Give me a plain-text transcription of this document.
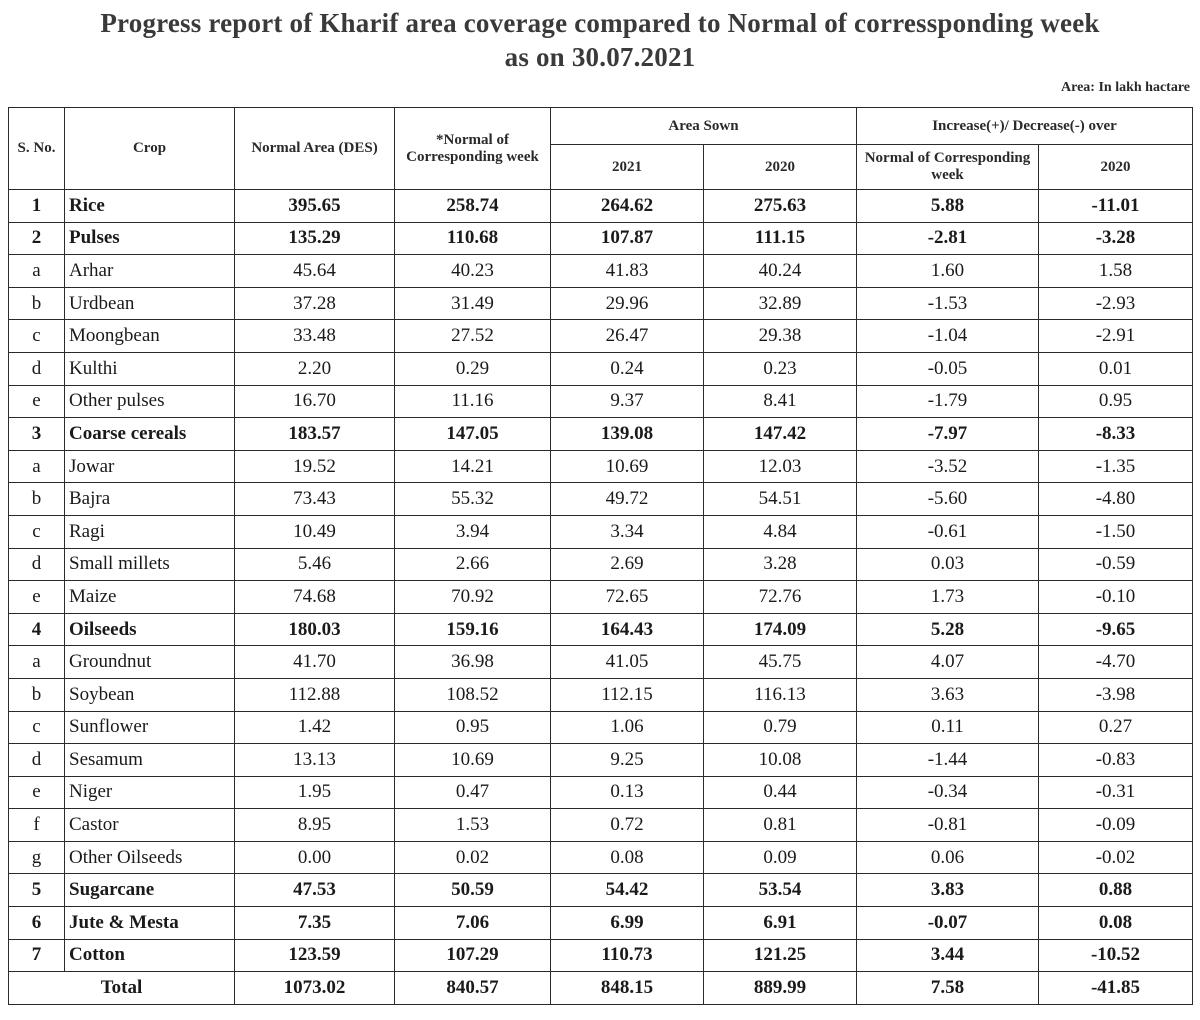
Progress report of Kharif area coverage compared to Normal of corressponding week
as on 30.07.2021
Area: In lakh hactare
S. No.	Crop	Normal Area (DES)	*Normal of Corresponding week	Area Sown		Increase(+)/ Decrease(-) over	
				2021	2020	Normal of Corresponding week	2020
1	Rice	395.65	258.74	264.62	275.63	5.88	-11.01
2	Pulses	135.29	110.68	107.87	111.15	-2.81	-3.28
a	Arhar	45.64	40.23	41.83	40.24	1.60	1.58
b	Urdbean	37.28	31.49	29.96	32.89	-1.53	-2.93
c	Moongbean	33.48	27.52	26.47	29.38	-1.04	-2.91
d	Kulthi	2.20	0.29	0.24	0.23	-0.05	0.01
e	Other pulses	16.70	11.16	9.37	8.41	-1.79	0.95
3	Coarse cereals	183.57	147.05	139.08	147.42	-7.97	-8.33
a	Jowar	19.52	14.21	10.69	12.03	-3.52	-1.35
b	Bajra	73.43	55.32	49.72	54.51	-5.60	-4.80
c	Ragi	10.49	3.94	3.34	4.84	-0.61	-1.50
d	Small millets	5.46	2.66	2.69	3.28	0.03	-0.59
e	Maize	74.68	70.92	72.65	72.76	1.73	-0.10
4	Oilseeds	180.03	159.16	164.43	174.09	5.28	-9.65
a	Groundnut	41.70	36.98	41.05	45.75	4.07	-4.70
b	Soybean	112.88	108.52	112.15	116.13	3.63	-3.98
c	Sunflower	1.42	0.95	1.06	0.79	0.11	0.27
d	Sesamum	13.13	10.69	9.25	10.08	-1.44	-0.83
e	Niger	1.95	0.47	0.13	0.44	-0.34	-0.31
f	Castor	8.95	1.53	0.72	0.81	-0.81	-0.09
g	Other Oilseeds	0.00	0.02	0.08	0.09	0.06	-0.02
5	Sugarcane	47.53	50.59	54.42	53.54	3.83	0.88
6	Jute & Mesta	7.35	7.06	6.99	6.91	-0.07	0.08
7	Cotton	123.59	107.29	110.73	121.25	3.44	-10.52
Total		1073.02	840.57	848.15	889.99	7.58	-41.85
